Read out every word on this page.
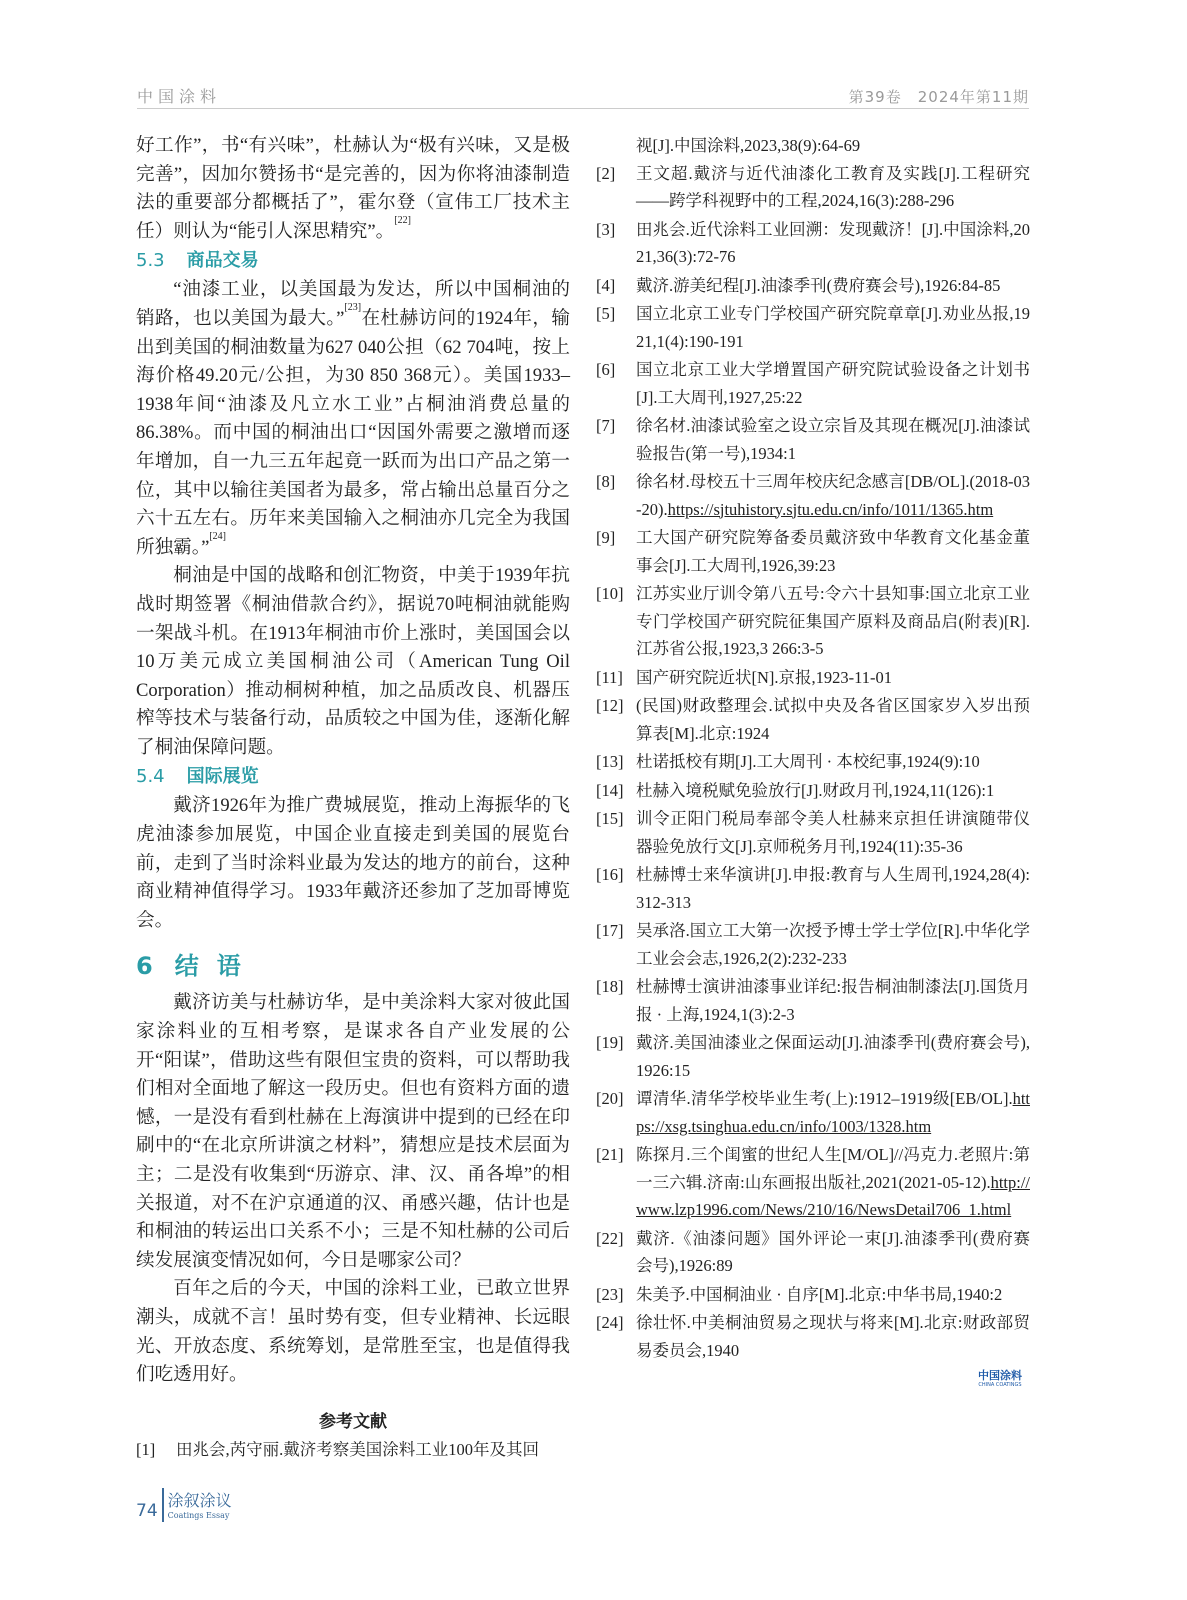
中国涂料	第39卷　2024年第11期

好工作”，书“有兴味”，杜赫认为“极有兴味，又是极完善”，因加尔赞扬书“是完善的，因为你将油漆制造法的重要部分都概括了”，霍尔登（宣伟工厂技术主任）则认为“能引人深思精究”。[22]

5.3 商品交易

“油漆工业，以美国最为发达，所以中国桐油的销路，也以美国为最大。”[23]在杜赫访问的1924年，输出到美国的桐油数量为627 040公担（62 704吨，按上海价格49.20元/公担，为30 850 368元）。美国1933–1938年间“油漆及凡立水工业”占桐油消费总量的86.38%。而中国的桐油出口“因国外需要之激增而逐年增加，自一九三五年起竟一跃而为出口产品之第一位，其中以输往美国者为最多，常占输出总量百分之六十五左右。历年来美国输入之桐油亦几完全为我国所独霸。”[24]

桐油是中国的战略和创汇物资，中美于1939年抗战时期签署《桐油借款合约》，据说70吨桐油就能购一架战斗机。在1913年桐油市价上涨时，美国国会以10万美元成立美国桐油公司（American Tung Oil Corporation）推动桐树种植，加之品质改良、机器压榨等技术与装备行动，品质较之中国为佳，逐渐化解了桐油保障问题。

5.4 国际展览

戴济1926年为推广费城展览，推动上海振华的飞虎油漆参加展览，中国企业直接走到美国的展览台前，走到了当时涂料业最为发达的地方的前台，这种商业精神值得学习。1933年戴济还参加了芝加哥博览会。

6 结语

戴济访美与杜赫访华，是中美涂料大家对彼此国家涂料业的互相考察，是谋求各自产业发展的公开“阳谋”，借助这些有限但宝贵的资料，可以帮助我们相对全面地了解这一段历史。但也有资料方面的遗憾，一是没有看到杜赫在上海演讲中提到的已经在印刷中的“在北京所讲演之材料”，猜想应是技术层面为主；二是没有收集到“历游京、津、汉、甬各埠”的相关报道，对不在沪京通道的汉、甬感兴趣，估计也是和桐油的转运出口关系不小；三是不知杜赫的公司后续发展演变情况如何，今日是哪家公司？

百年之后的今天，中国的涂料工业，已敢立世界潮头，成就不言！虽时势有变，但专业精神、长远眼光、开放态度、系统筹划，是常胜至宝，也是值得我们吃透用好。

参考文献
[1]	田兆会,芮守丽.戴济考察美国涂料工业100年及其回
视[J].中国涂料,2023,38(9):64-69
[2]	王文超.戴济与近代油漆化工教育及实践[J].工程研究——跨学科视野中的工程,2024,16(3):288-296
[3]	田兆会.近代涂料工业回溯：发现戴济！[J].中国涂料,2021,36(3):72-76
[4]	戴济.游美纪程[J].油漆季刊(费府赛会号),1926:84-85
[5]	国立北京工业专门学校国产研究院章章[J].劝业丛报,1921,1(4):190-191
[6]	国立北京工业大学增置国产研究院试验设备之计划书[J].工大周刊,1927,25:22
[7]	徐名材.油漆试验室之设立宗旨及其现在概况[J].油漆试验报告(第一号),1934:1
[8]	徐名材.母校五十三周年校庆纪念感言[DB/OL].(2018-03-20).https://sjtuhistory.sjtu.edu.cn/info/1011/1365.htm
[9]	工大国产研究院筹备委员戴济致中华教育文化基金董事会[J].工大周刊,1926,39:23
[10] 江苏实业厅训令第八五号:令六十县知事:国立北京工业专门学校国产研究院征集国产原料及商品启(附表)[R].江苏省公报,1923,3 266:3-5
[11] 国产研究院近状[N].京报,1923-11-01
[12] (民国)财政整理会.试拟中央及各省区国家岁入岁出预算表[M].北京:1924
[13] 杜诺抵校有期[J].工大周刊 · 本校纪事,1924(9):10
[14] 杜赫入境税赋免验放行[J].财政月刊,1924,11(126):1
[15] 训令正阳门税局奉部令美人杜赫来京担任讲演随带仪器验免放行文[J].京师税务月刊,1924(11):35-36
[16] 杜赫博士来华演讲[J].申报:教育与人生周刊,1924,28(4):312-313
[17] 吴承洛.国立工大第一次授予博士学士学位[R].中华化学工业会会志,1926,2(2):232-233
[18] 杜赫博士演讲油漆事业详纪:报告桐油制漆法[J].国货月报 · 上海,1924,1(3):2-3
[19] 戴济.美国油漆业之保面运动[J].油漆季刊(费府赛会号),1926:15
[20] 谭清华.清华学校毕业生考(上):1912–1919级[EB/OL].https://xsg.tsinghua.edu.cn/info/1003/1328.htm
[21] 陈探月.三个闺蜜的世纪人生[M/OL]//冯克力.老照片:第一三六辑.济南:山东画报出版社,2021(2021-05-12).http://www.lzp1996.com/News/210/16/NewsDetail706_1.html
[22] 戴济.《油漆问题》国外评论一束[J].油漆季刊(费府赛会号),1926:89
[23] 朱美予.中国桐油业 · 自序[M].北京:中华书局,1940:2
[24] 徐壮怀.中美桐油贸易之现状与将来[M].北京:财政部贸易委员会,1940
中国涂料
CHINA COATINGS
74
涂叙涂议
Coatings Essay
